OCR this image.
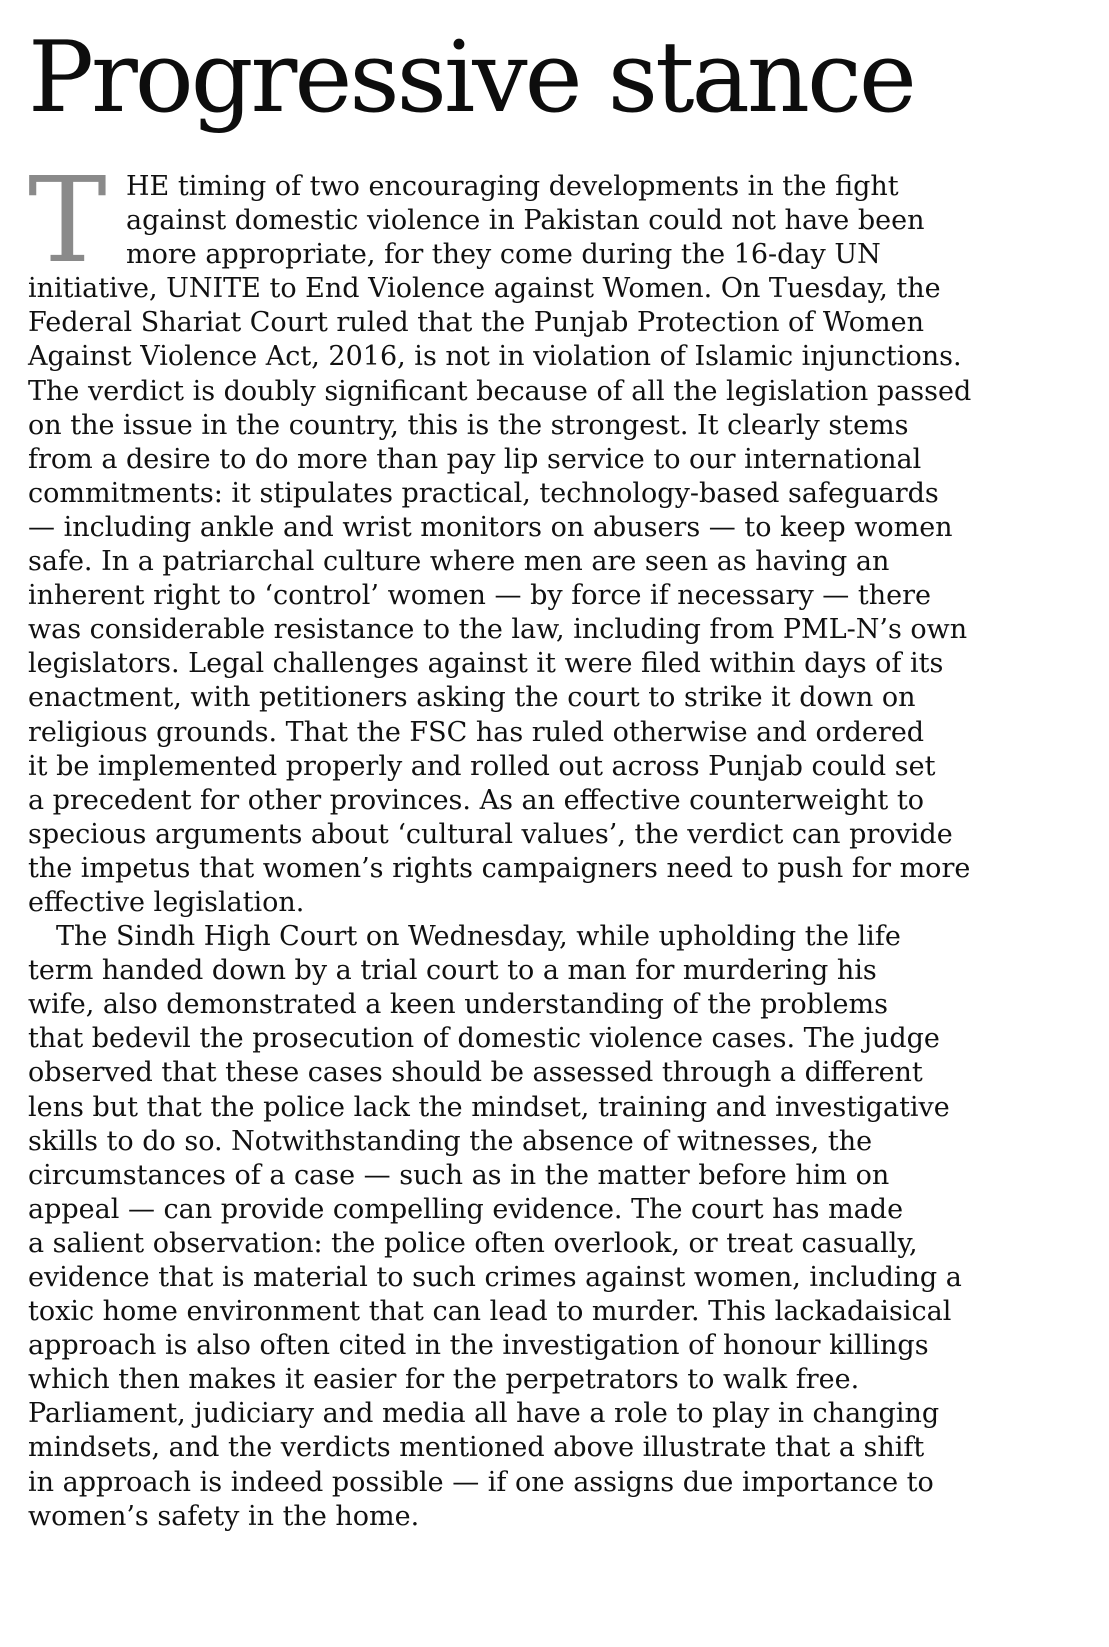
Progressive stance
T HE timing of two encouraging developments in the fight
against domestic violence in Pakistan could not have been
more appropriate, for they come during the 16-day UN
initiative, UNITE to End Violence against Women. On Tuesday, the
Federal Shariat Court ruled that the Punjab Protection of Women
Against Violence Act, 2016, is not in violation of Islamic injunctions.
The verdict is doubly significant because of all the legislation passed
on the issue in the country, this is the strongest. It clearly stems
from a desire to do more than pay lip service to our international
commitments: it stipulates practical, technology-based safeguards
— including ankle and wrist monitors on abusers — to keep women
safe. In a patriarchal culture where men are seen as having an
inherent right to ‘control’ women — by force if necessary — there
was considerable resistance to the law, including from PML-N’s own
legislators. Legal challenges against it were filed within days of its
enactment, with petitioners asking the court to strike it down on
religious grounds. That the FSC has ruled otherwise and ordered
it be implemented properly and rolled out across Punjab could set
a precedent for other provinces. As an effective counterweight to
specious arguments about ‘cultural values’, the verdict can provide
the impetus that women’s rights campaigners need to push for more
effective legislation.
The Sindh High Court on Wednesday, while upholding the life
term handed down by a trial court to a man for murdering his
wife, also demonstrated a keen understanding of the problems
that bedevil the prosecution of domestic violence cases. The judge
observed that these cases should be assessed through a different
lens but that the police lack the mindset, training and investigative
skills to do so. Notwithstanding the absence of witnesses, the
circumstances of a case — such as in the matter before him on
appeal — can provide compelling evidence. The court has made
a salient observation: the police often overlook, or treat casually,
evidence that is material to such crimes against women, including a
toxic home environment that can lead to murder. This lackadaisical
approach is also often cited in the investigation of honour killings
which then makes it easier for the perpetrators to walk free.
Parliament, judiciary and media all have a role to play in changing
mindsets, and the verdicts mentioned above illustrate that a shift
in approach is indeed possible — if one assigns due importance to
women’s safety in the home.
